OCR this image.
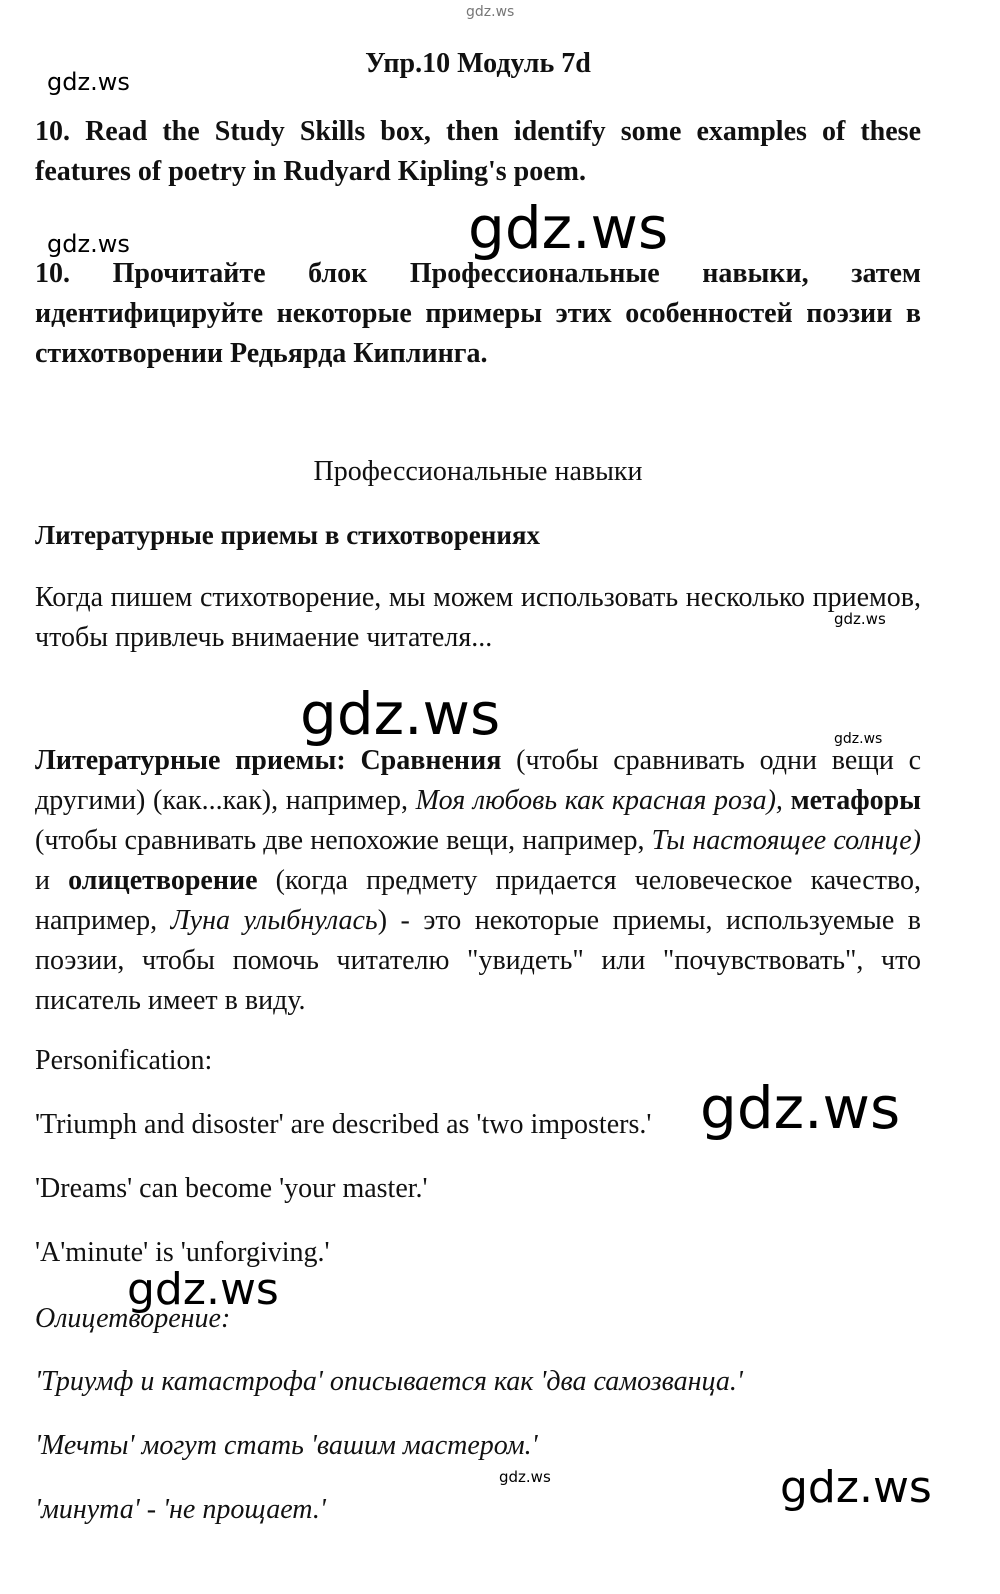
gdz.ws
gdz.ws
gdz.ws
gdz.ws
gdz.ws
gdz.ws	gdz.ws
gdz.ws
gdz.ws
gdz.ws	gdz.ws
Упр.10 Модуль 7d
10. Read the Study Skills box, then identify some examples of these features of poetry in Rudyard Kipling's poem.
10. Прочитайте блок Профессиональные навыки, затем идентифицируйте некоторые примеры этих особенностей поэзии в стихотворении Редьярда Киплинга.
Профессиональные навыки
Литературные приемы в стихотворениях
Когда пишем стихотворение, мы можем использовать несколько приемов, чтобы привлечь внимаение читателя...
Литературные приемы: Сравнения (чтобы сравнивать одни вещи с другими) (как...как), например, Моя любовь как красная роза), метафоры (чтобы сравнивать две непохожие вещи, например, Ты настоящее солнце) и олицетворение (когда предмету придается человеческое качество, например, Луна улыбнулась) - это некоторые приемы, используемые в поэзии, чтобы помочь читателю "увидеть" или "почувствовать", что писатель имеет в виду.
Personification:
'Triumph and disoster' are described as 'two imposters.'
'Dreams' can become 'your master.'
'A'minute' is 'unforgiving.'
Олицетворение:
'Триумф и катастрофа' описывается как 'два самозванца.'
'Мечты' могут стать 'вашим мастером.'
'минута' - 'не прощает.'
